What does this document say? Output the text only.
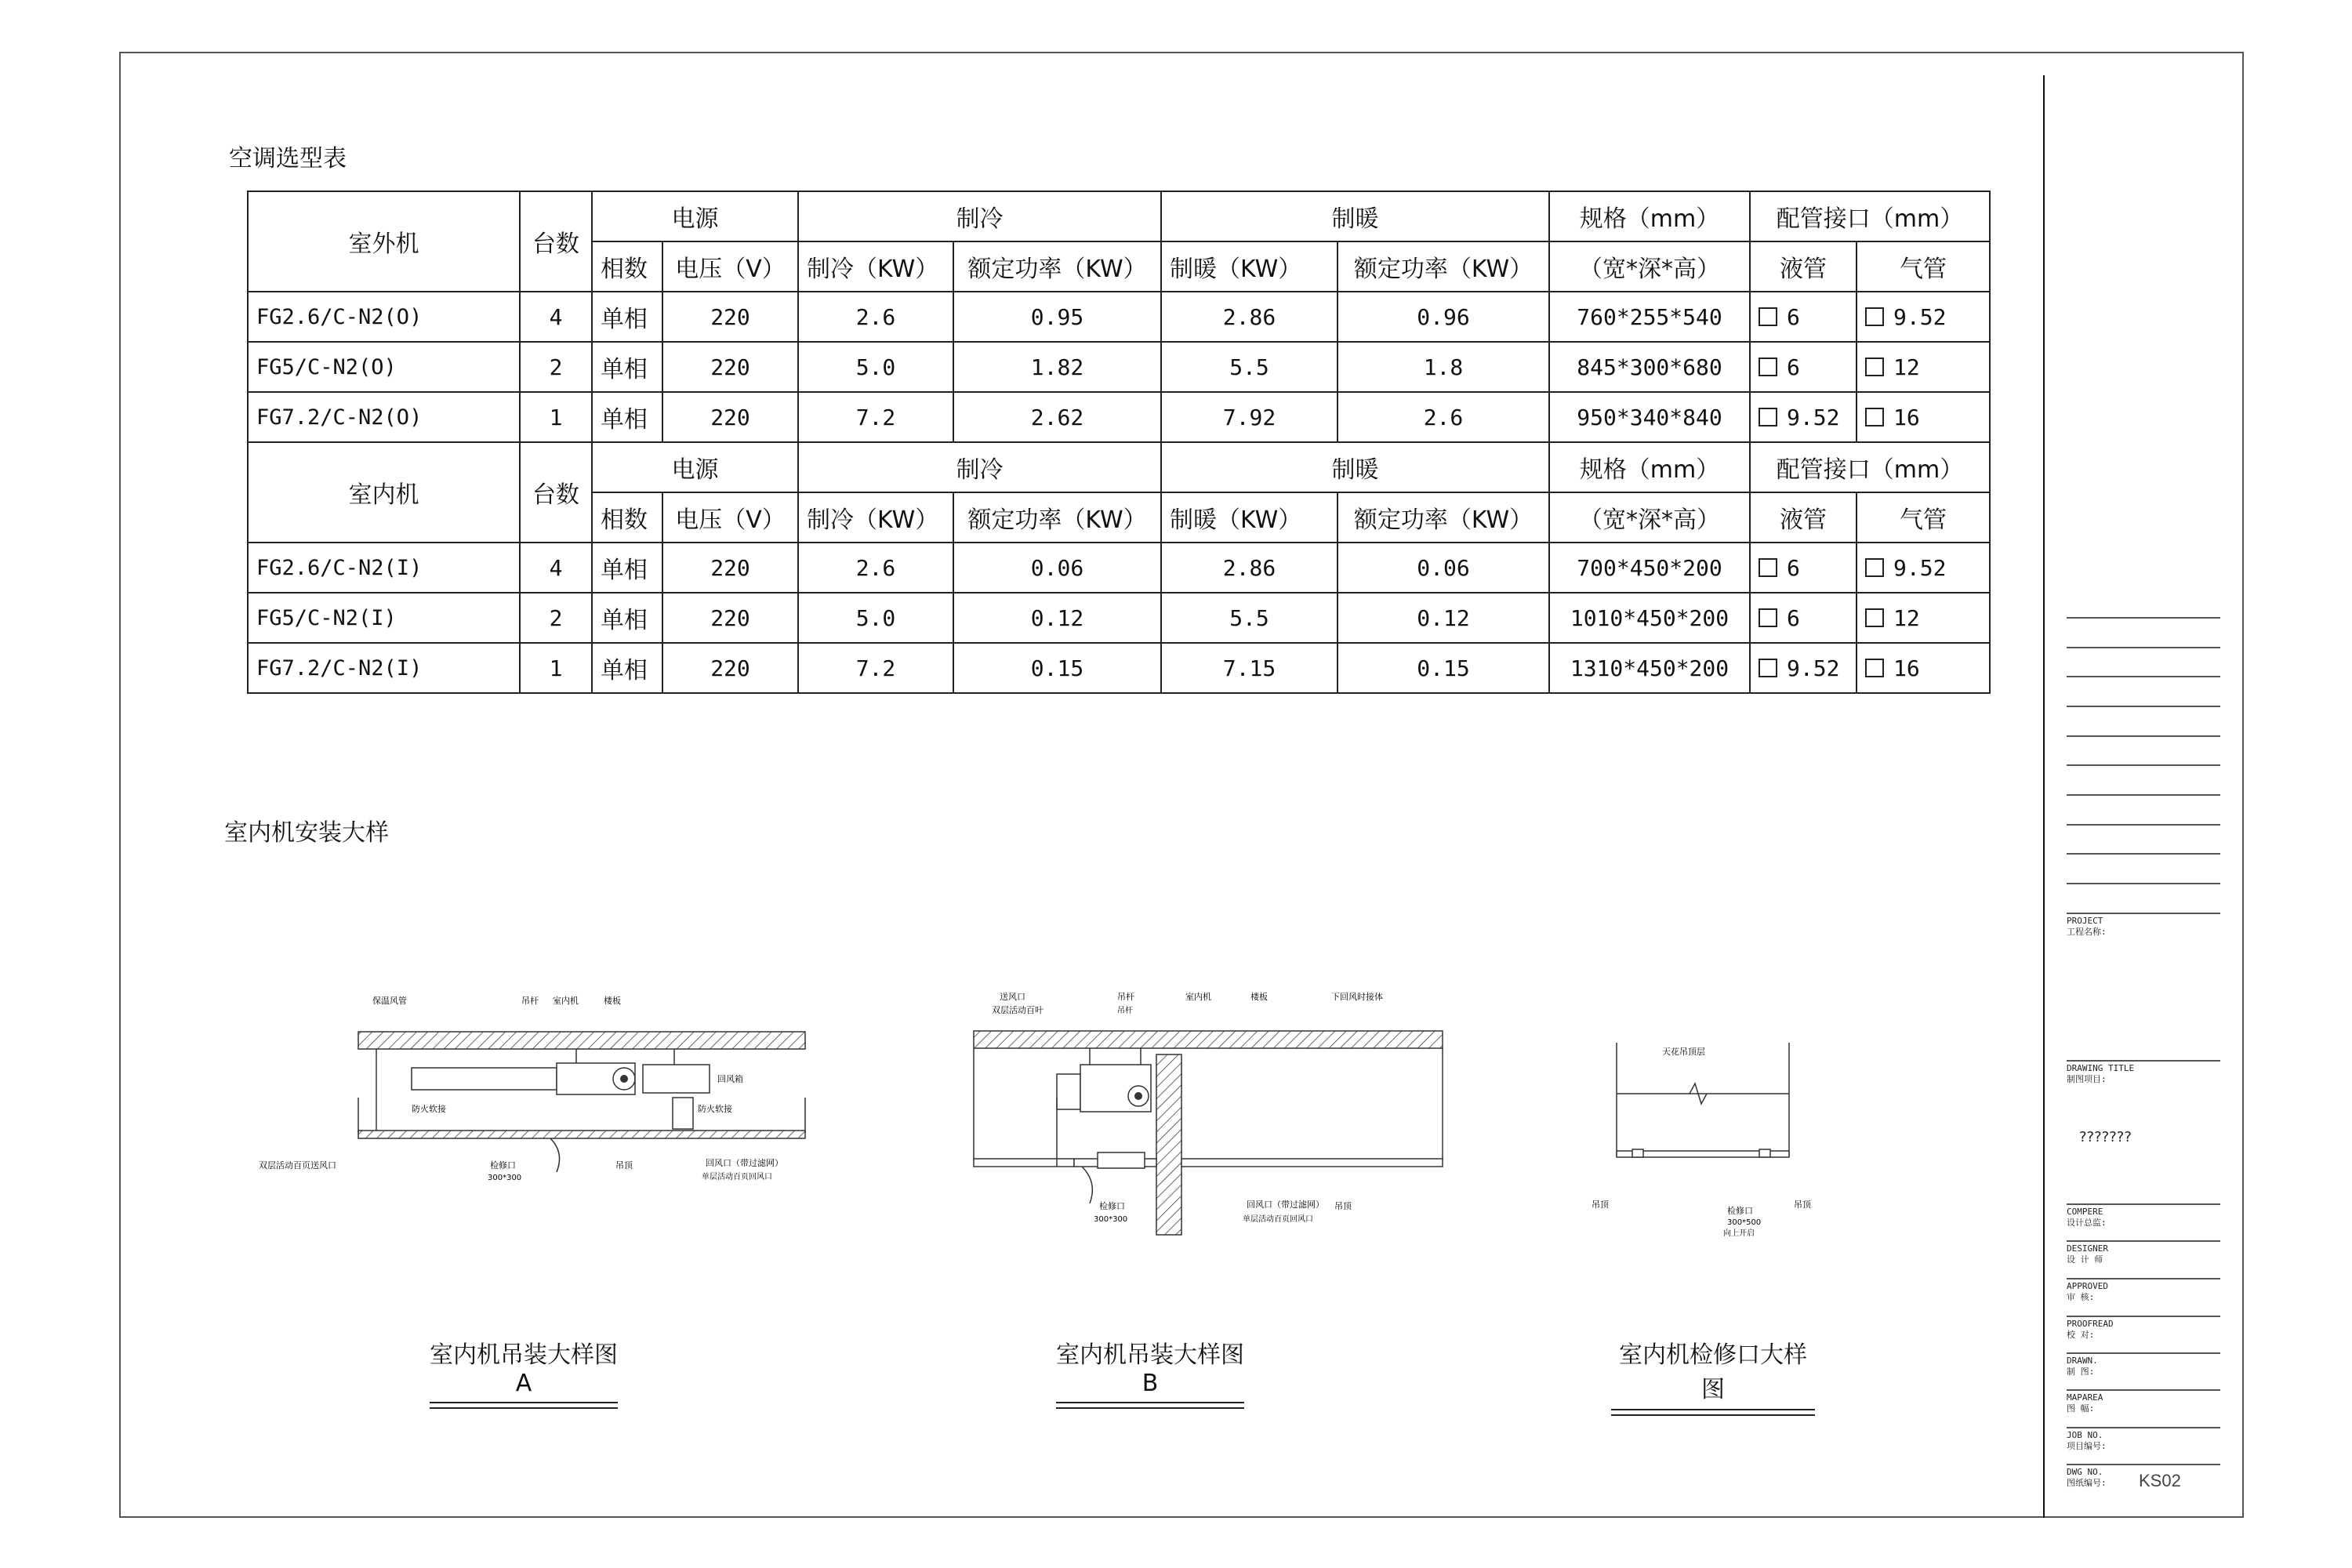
空调选型表
室外机	台数	电源		制冷		制暖		规格（mm）	配管接口（mm）	
		相数	电压（V）	制冷（KW）	额定功率（KW）	制暖（KW）	额定功率（KW）	（宽*深*高）	液管	气管
FG2.6/C-N2(O)	4	单相	220	2.6	0.95	2.86	0.96	760*255*540	6	9.52
FG5/C-N2(O)	2	单相	220	5.0	1.82	5.5	1.8	845*300*680	6	12
FG7.2/C-N2(O)	1	单相	220	7.2	2.62	7.92	2.6	950*340*840	9.52	16
室内机	台数	电源		制冷		制暖		规格（mm）	配管接口（mm）	
		相数	电压（V）	制冷（KW）	额定功率（KW）	制暖（KW）	额定功率（KW）	（宽*深*高）	液管	气管
FG2.6/C-N2(I)	4	单相	220	2.6	0.06	2.86	0.06	700*450*200	6	9.52
FG5/C-N2(I)	2	单相	220	5.0	0.12	5.5	0.12	1010*450*200	6	12
FG7.2/C-N2(I)	1	单相	220	7.2	0.15	7.15	0.15	1310*450*200	9.52	16
室内机安装大样
保温风管	吊杆 室内机	楼板
回风箱
防火软接	防火软接
双层活动百页送风口	检修口
300*300
吊顶	回风口（带过滤网）
单层活动百页回风口
室内机吊装大样图A
送风口
双层活动百叶
吊杆
吊杆
室内机	楼板	下回风时接体
检修口
300*300
回风口（带过滤网）
单层活动百页回风口
吊顶
室内机吊装大样图B
天花吊顶层
吊顶
检修口
300*500
向上开启
吊顶
室内机检修口大样图
PROJECT
工程名称:
DRAWING TITLE
制图项目:
???????
COMPERE
设计总监:
DESIGNER
设 计 师
APPROVED
审 核:
PROOFREAD
校 对:
DRAWN.
制 图:
MAPAREA
图 幅:
JOB NO.
项目编号:
DWG NO.
图纸编号: KS02
